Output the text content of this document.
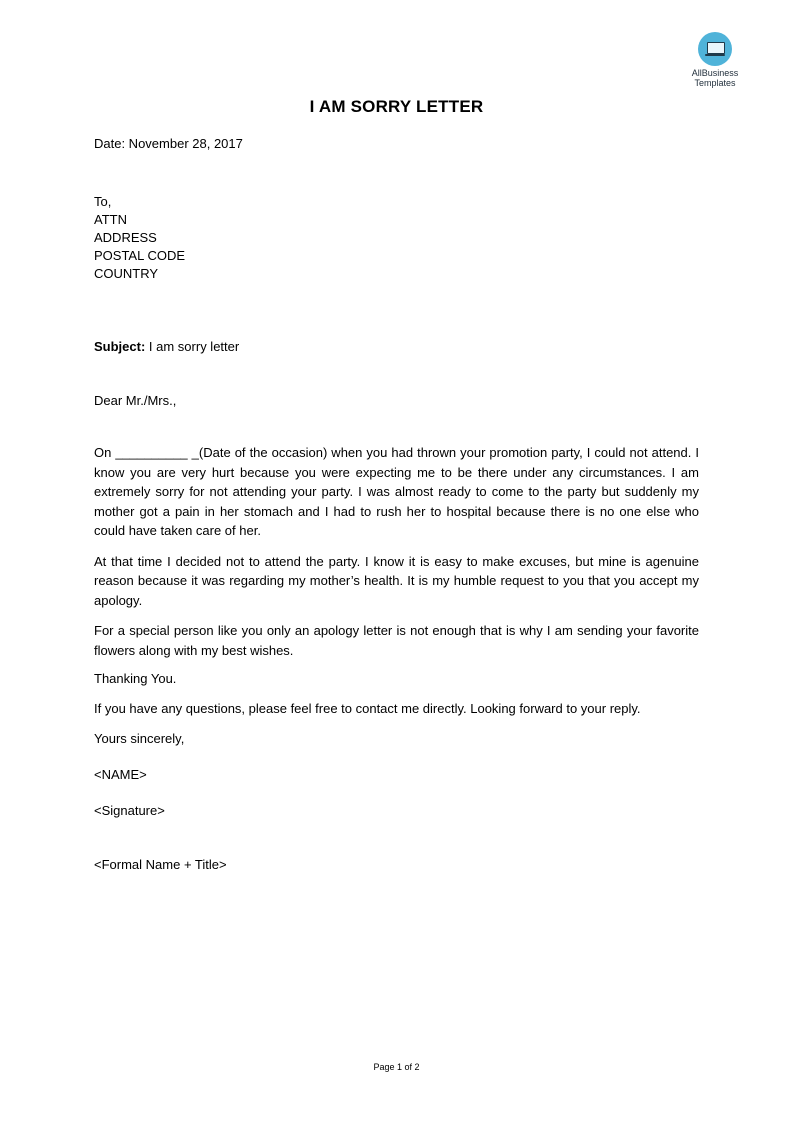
AllBusiness
Templates
I AM SORRY LETTER
Date: November 28, 2017
To,
ATTN
ADDRESS
POSTAL CODE
COUNTRY
Subject: I am sorry letter
Dear Mr./Mrs.,

On __________ _(Date of the occasion) when you had thrown your promotion party, I could not attend. I know you are very hurt because you were expecting me to be there under any circumstances. I am extremely sorry for not attending your party. I was almost ready to come to the party but suddenly my mother got a pain in her stomach and I had to rush her to hospital because there is no one else who could have taken care of her.

At that time I decided not to attend the party. I know it is easy to make excuses, but mine is agenuine reason because it was regarding my mother’s health. It is my humble request to you that you accept my apology.

For a special person like you only an apology letter is not enough that is why I am sending your favorite flowers along with my best wishes.

Thanking You.
If you have any questions, please feel free to contact me directly. Looking forward to your reply.
Yours sincerely,
<NAME>
<Signature>
<Formal Name + Title>
Page 1 of 2
